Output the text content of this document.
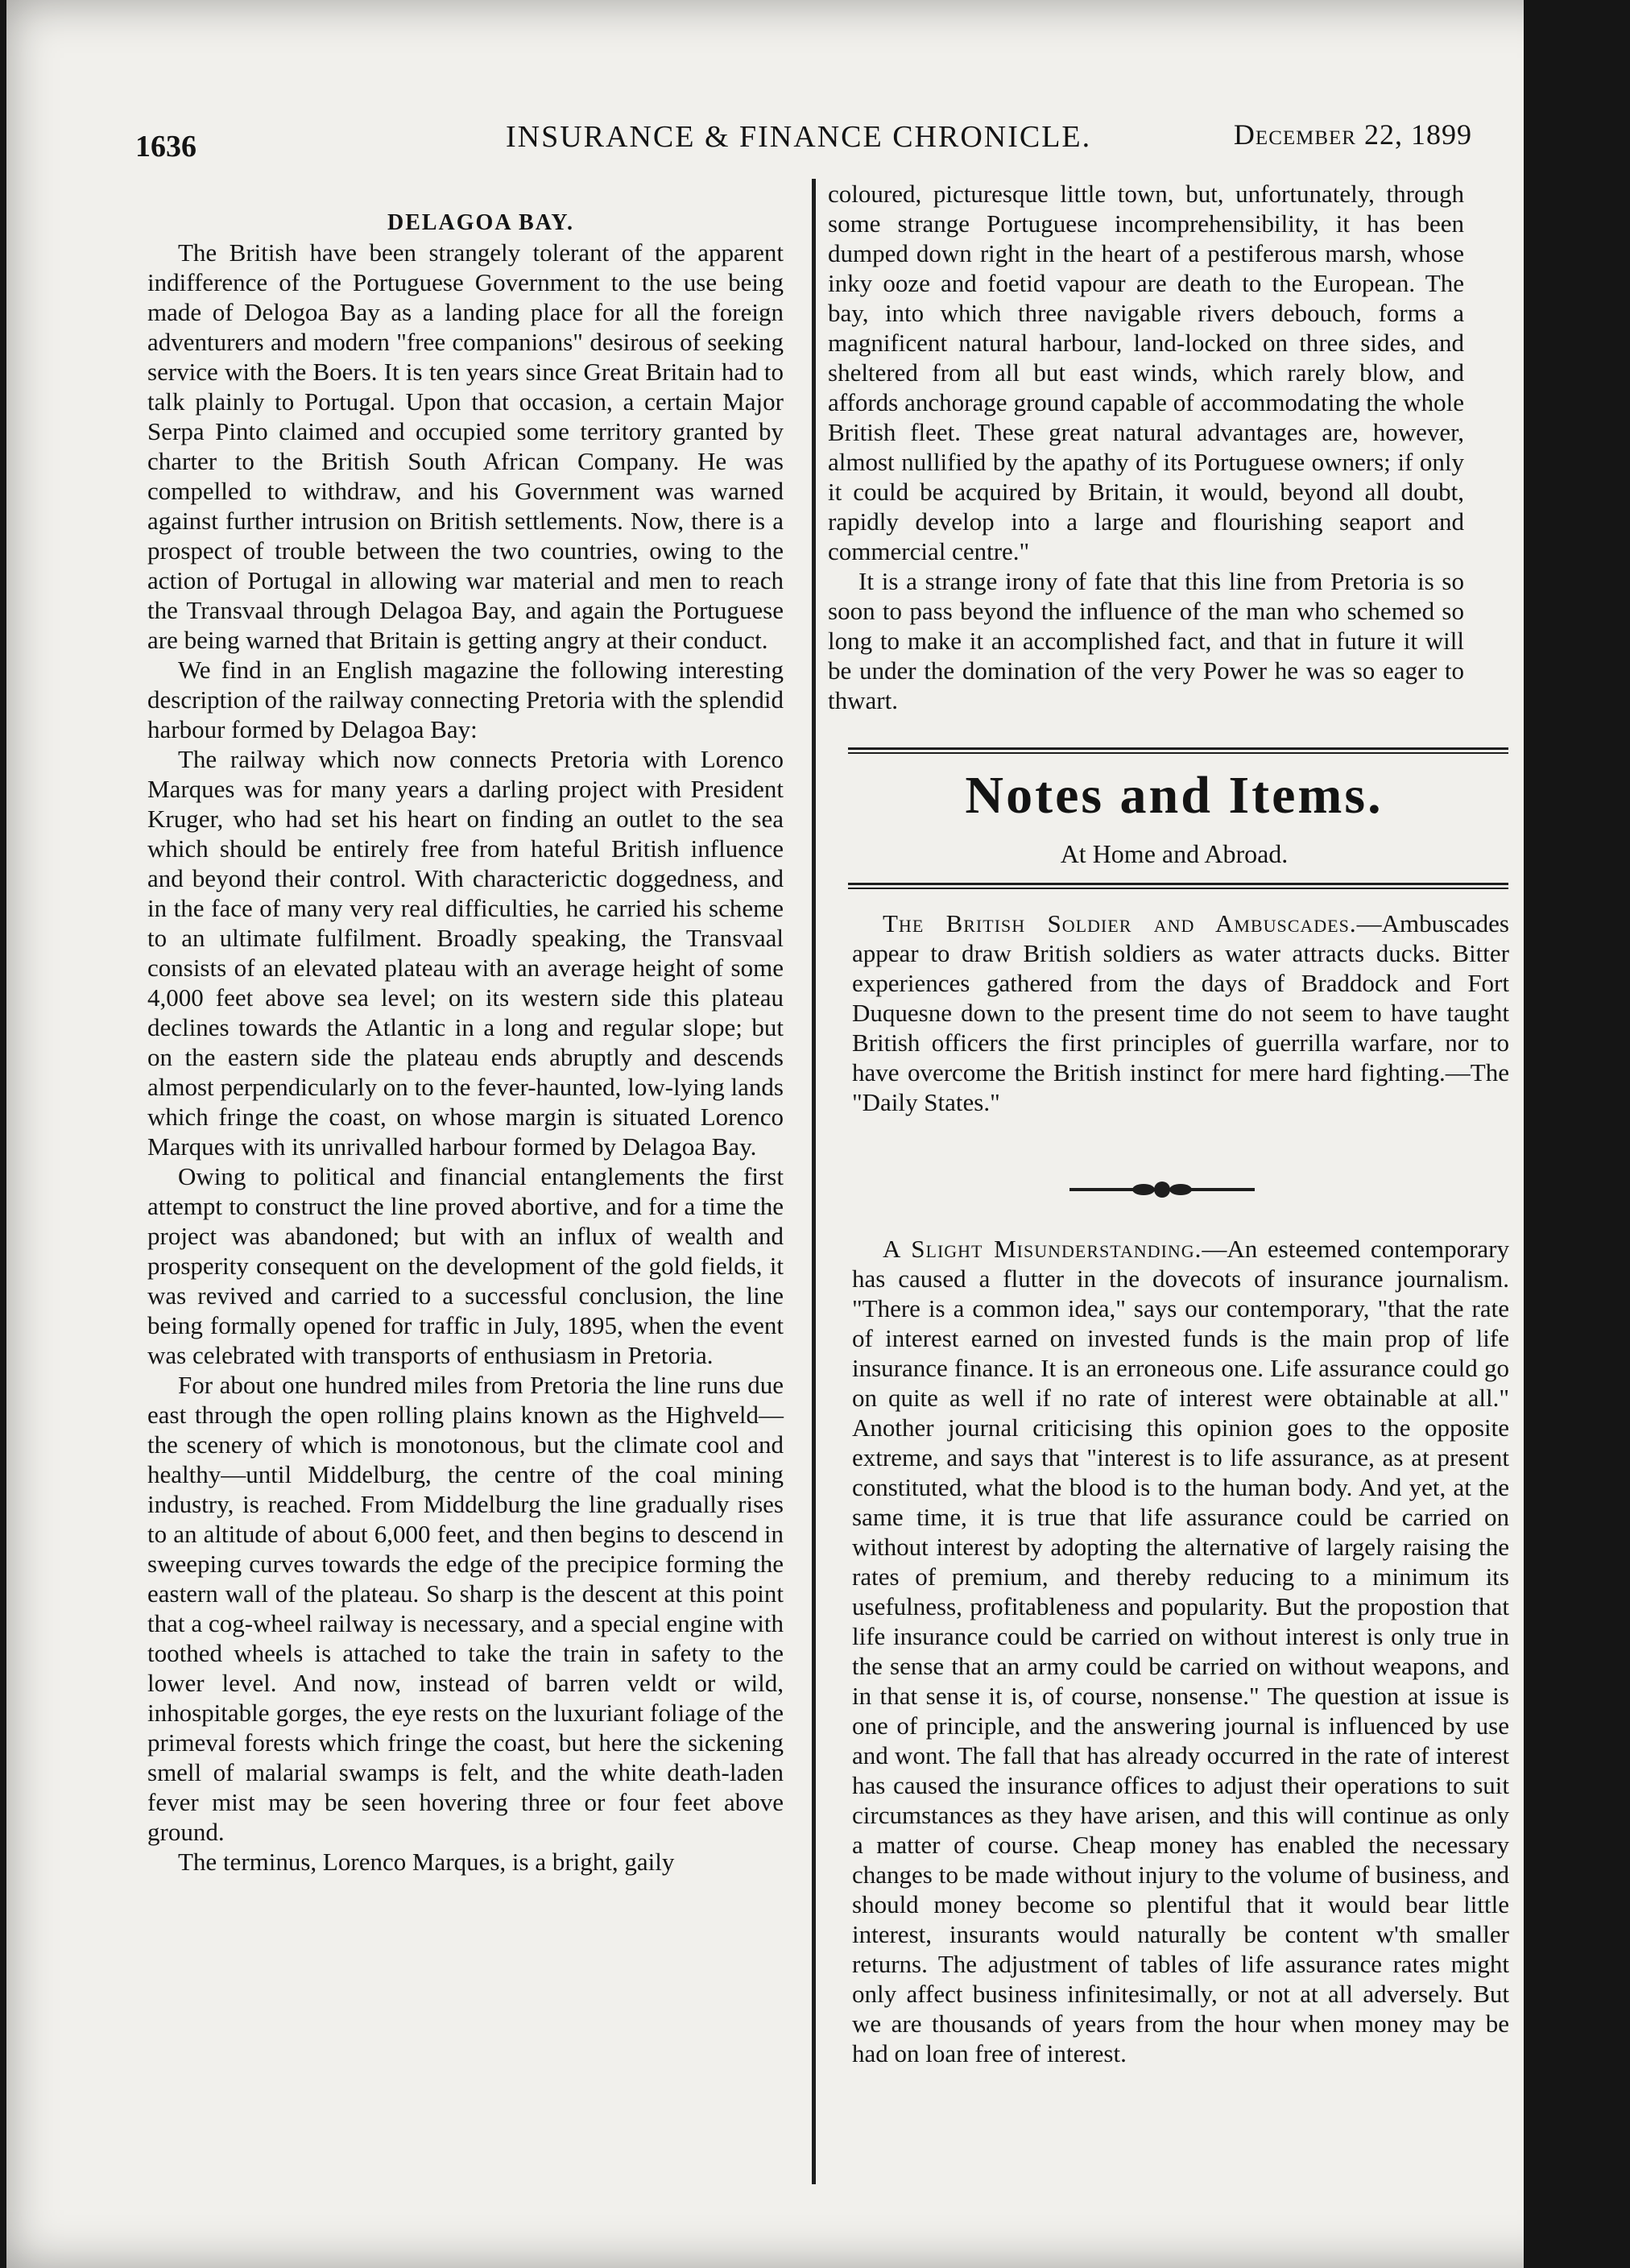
1636	INSURANCE & FINANCE CHRONICLE.	December 22, 1899

DELAGOA BAY.

The British have been strangely tolerant of the apparent indifference of the Portuguese Government to the use being made of Delogoa Bay as a landing place for all the foreign adventurers and modern "free companions" desirous of seeking service with the Boers. It is ten years since Great Britain had to talk plainly to Portugal. Upon that occasion, a certain Major Serpa Pinto claimed and occupied some territory granted by charter to the British South African Company. He was compelled to withdraw, and his Government was warned against further intrusion on British settlements. Now, there is a prospect of trouble between the two countries, owing to the action of Portugal in allowing war material and men to reach the Transvaal through Delagoa Bay, and again the Portuguese are being warned that Britain is getting angry at their conduct.

We find in an English magazine the following interesting description of the railway connecting Pretoria with the splendid harbour formed by Delagoa Bay:

The railway which now connects Pretoria with Lorenco Marques was for many years a darling project with President Kruger, who had set his heart on finding an outlet to the sea which should be entirely free from hateful British influence and beyond their control. With characterictic doggedness, and in the face of many very real difficulties, he carried his scheme to an ultimate fulfilment. Broadly speaking, the Transvaal consists of an elevated plateau with an average height of some 4,000 feet above sea level; on its western side this plateau declines towards the Atlantic in a long and regular slope; but on the eastern side the plateau ends abruptly and descends almost perpendicularly on to the fever-haunted, low-lying lands which fringe the coast, on whose margin is situated Lorenco Marques with its unrivalled harbour formed by Delagoa Bay.

Owing to political and financial entanglements the first attempt to construct the line proved abortive, and for a time the project was abandoned; but with an influx of wealth and prosperity consequent on the development of the gold fields, it was revived and carried to a successful conclusion, the line being formally opened for traffic in July, 1895, when the event was celebrated with transports of enthusiasm in Pretoria.

For about one hundred miles from Pretoria the line runs due east through the open rolling plains known as the Highveld—the scenery of which is monotonous, but the climate cool and healthy—until Middelburg, the centre of the coal mining industry, is reached. From Middelburg the line gradually rises to an altitude of about 6,000 feet, and then begins to descend in sweeping curves towards the edge of the precipice forming the eastern wall of the plateau. So sharp is the descent at this point that a cog-wheel railway is necessary, and a special engine with toothed wheels is attached to take the train in safety to the lower level. And now, instead of barren veldt or wild, inhospitable gorges, the eye rests on the luxuriant foliage of the primeval forests which fringe the coast, but here the sickening smell of malarial swamps is felt, and the white death-laden fever mist may be seen hovering three or four feet above ground.

The terminus, Lorenco Marques, is a bright, gaily

coloured, picturesque little town, but, unfortunately, through some strange Portuguese incomprehensibility, it has been dumped down right in the heart of a pestiferous marsh, whose inky ooze and foetid vapour are death to the European. The bay, into which three navigable rivers debouch, forms a magnificent natural harbour, land-locked on three sides, and sheltered from all but east winds, which rarely blow, and affords anchorage ground capable of accommodating the whole British fleet. These great natural advantages are, however, almost nullified by the apathy of its Portuguese owners; if only it could be acquired by Britain, it would, beyond all doubt, rapidly develop into a large and flourishing seaport and commercial centre."

It is a strange irony of fate that this line from Pretoria is so soon to pass beyond the influence of the man who schemed so long to make it an accomplished fact, and that in future it will be under the domination of the very Power he was so eager to thwart.

Notes and Items.
At Home and Abroad.

The British Soldier and Ambuscades.—Ambuscades appear to draw British soldiers as water attracts ducks. Bitter experiences gathered from the days of Braddock and Fort Duquesne down to the present time do not seem to have taught British officers the first principles of guerrilla warfare, nor to have overcome the British instinct for mere hard fighting.—The "Daily States."

A Slight Misunderstanding.—An esteemed contemporary has caused a flutter in the dovecots of insurance journalism. "There is a common idea," says our contemporary, "that the rate of interest earned on invested funds is the main prop of life insurance finance. It is an erroneous one. Life assurance could go on quite as well if no rate of interest were obtainable at all." Another journal criticising this opinion goes to the opposite extreme, and says that "interest is to life assurance, as at present constituted, what the blood is to the human body. And yet, at the same time, it is true that life assurance could be carried on without interest by adopting the alternative of largely raising the rates of premium, and thereby reducing to a minimum its usefulness, profitableness and popularity. But the propostion that life insurance could be carried on without interest is only true in the sense that an army could be carried on without weapons, and in that sense it is, of course, nonsense." The question at issue is one of principle, and the answering journal is influenced by use and wont. The fall that has already occurred in the rate of interest has caused the insurance offices to adjust their operations to suit circumstances as they have arisen, and this will continue as only a matter of course. Cheap money has enabled the necessary changes to be made without injury to the volume of business, and should money become so plentiful that it would bear little interest, insurants would naturally be content w'th smaller returns. The adjustment of tables of life assurance rates might only affect business infinitesimally, or not at all adversely. But we are thousands of years from the hour when money may be had on loan free of interest.
